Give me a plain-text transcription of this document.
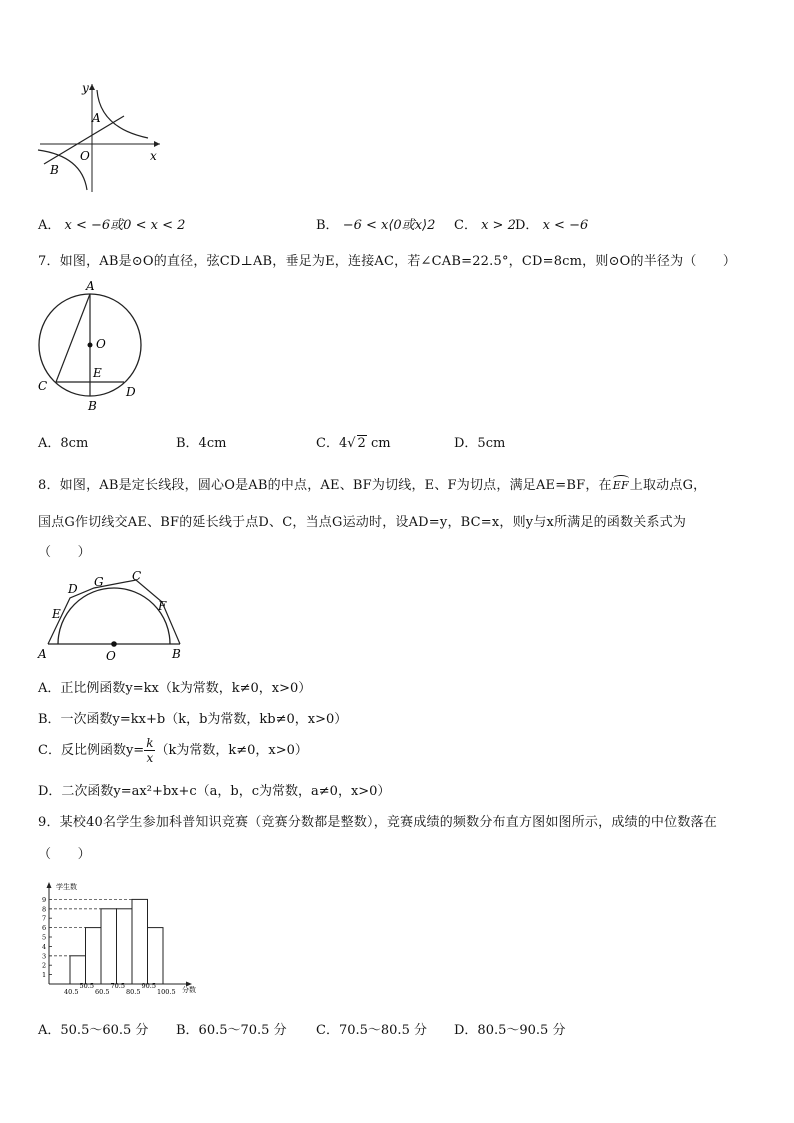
y
x
A
O
B
A． x < −6或0 < x < 2	B． −6 < x⟨0或x⟩2 C． x > 2 D． x < −6
7．如图，AB是⊙O的直径，弦CD⊥AB，垂足为E，连接AC，若∠CAB=22.5°，CD=8cm，则⊙O的半径为（　　）
A
O
E
C	D
B
A．8cm	B．4cm	C．4√ 2 cm	D．5cm
8．如图，AB是定长线段，圆心O是AB的中点，AE、BF为切线，E、F为切点，满足AE=BF，在
EF上取动点G，
国点G作切线交AE、BF的延长线于点D、C，当点G运动时，设AD=y，BC=x，则y与x所满足的函数关系式为
（　　）
D G C
E
F
A	O	B
A．正比例函数y=kx（k为常数，k≠0，x>0）
B．一次函数y=kx+b（k，b为常数，kb≠0，x>0）
C．反比例函数$y= \frac{k}{x} (k$为常数，k≠0，x>0）
D．二次函数y=ax²+bx+c（a，b，c为常数，a≠0，x>0）
9．某校40名学生参加科普知识竞赛（竞赛分数都是整数），竞赛成绩的频数分布直方图如图所示，成绩的中位数落在
（　　）
学生数
分数
1
2
3
4
5
6
7
8
9
40.5
50.5
60.5
70.5
80.5
90.5
100.5
A．50.5～60.5 分 B．60.5～70.5 分 C．70.5～80.5 分 D．80.5～90.5 分
